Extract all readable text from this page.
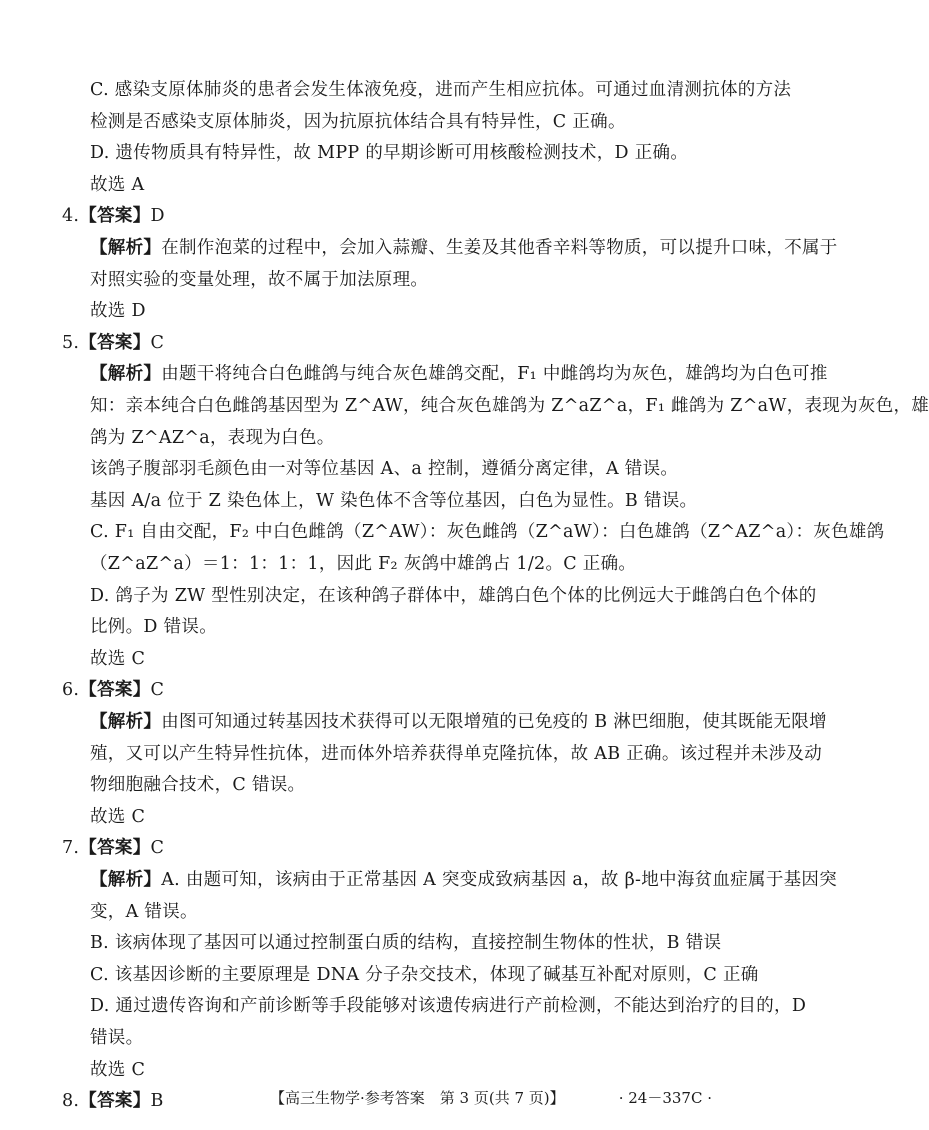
C. 感染支原体肺炎的患者会发生体液免疫，进而产生相应抗体。可通过血清测抗体的方法
检测是否感染支原体肺炎，因为抗原抗体结合具有特异性，C 正确。
D. 遗传物质具有特异性，故 MPP 的早期诊断可用核酸检测技术，D 正确。
故选 A
4.【答案】D
【解析】在制作泡菜的过程中，会加入蒜瓣、生姜及其他香辛料等物质，可以提升口味，不属于
对照实验的变量处理，故不属于加法原理。
故选 D
5.【答案】C
【解析】由题干将纯合白色雌鸽与纯合灰色雄鸽交配，F₁ 中雌鸽均为灰色，雄鸽均为白色可推
知：亲本纯合白色雌鸽基因型为 Z^AW，纯合灰色雄鸽为 Z^aZ^a，F₁ 雌鸽为 Z^aW，表现为灰色，雄
鸽为 Z^AZ^a，表现为白色。
该鸽子腹部羽毛颜色由一对等位基因 A、a 控制，遵循分离定律，A 错误。
基因 A/a 位于 Z 染色体上，W 染色体不含等位基因，白色为显性。B 错误。
C. F₁ 自由交配，F₂ 中白色雌鸽（Z^AW）：灰色雌鸽（Z^aW）：白色雄鸽（Z^AZ^a）：灰色雄鸽
（Z^aZ^a）＝1：1：1：1，因此 F₂ 灰鸽中雄鸽占 1/2。C 正确。
D. 鸽子为 ZW 型性别决定，在该种鸽子群体中，雄鸽白色个体的比例远大于雌鸽白色个体的
比例。D 错误。
故选 C
6.【答案】C
【解析】由图可知通过转基因技术获得可以无限增殖的已免疫的 B 淋巴细胞，使其既能无限增
殖，又可以产生特异性抗体，进而体外培养获得单克隆抗体，故 AB 正确。该过程并未涉及动
物细胞融合技术，C 错误。
故选 C
7.【答案】C
【解析】A. 由题可知，该病由于正常基因 A 突变成致病基因 a，故 β-地中海贫血症属于基因突
变，A 错误。
B. 该病体现了基因可以通过控制蛋白质的结构，直接控制生物体的性状，B 错误
C. 该基因诊断的主要原理是 DNA 分子杂交技术，体现了碱基互补配对原则，C 正确
D. 通过遗传咨询和产前诊断等手段能够对该遗传病进行产前检测，不能达到治疗的目的，D
错误。
故选 C
8.【答案】B	【高三生物学·参考答案　第 3 页(共 7 页)】	· 24－337C ·
